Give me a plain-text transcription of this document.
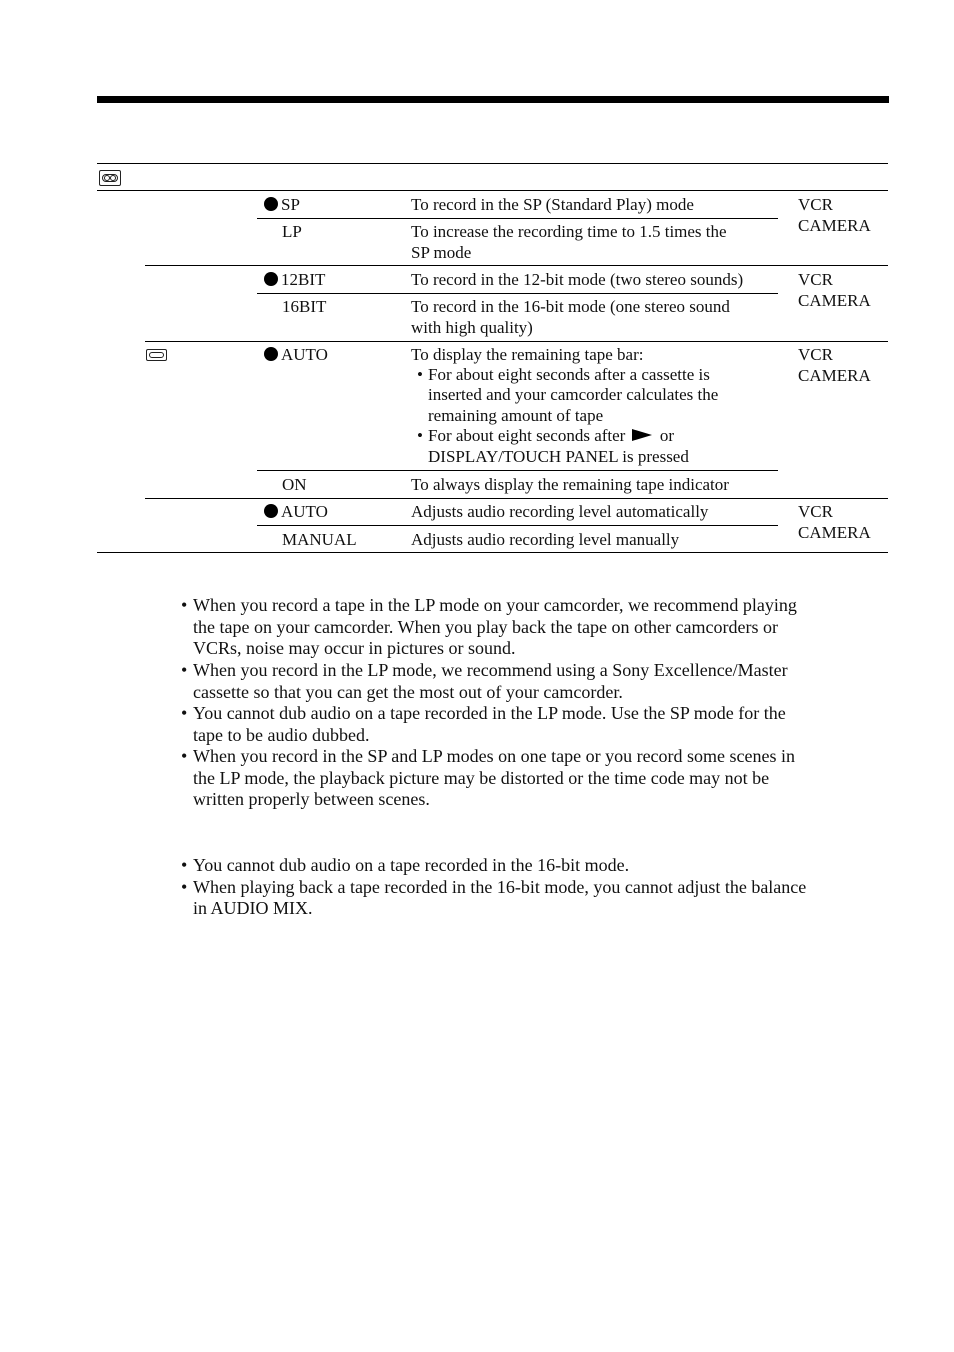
SP	To record in the SP (Standard Play) mode	VCR
CAMERA
LP	To increase the recording time to 1.5 times the
SP mode
12BIT	To record in the 12-bit mode (two stereo sounds)	VCR
CAMERA
16BIT	To record in the 16-bit mode (one stereo sound
with high quality)
AUTO	To display the remaining tape bar:
• For about eight seconds after a cassette is
inserted and your camcorder calculates the
remaining amount of tape
• For about eight seconds after or
DISPLAY/TOUCH PANEL is pressed
VCR
CAMERA
ON	To always display the remaining tape indicator
AUTO	Adjusts audio recording level automatically	VCR
CAMERA
MANUAL	Adjusts audio recording level manually
• When you record a tape in the LP mode on your camcorder, we recommend playing
the tape on your camcorder. When you play back the tape on other camcorders or
VCRs, noise may occur in pictures or sound.
• When you record in the LP mode, we recommend using a Sony Excellence/Master
cassette so that you can get the most out of your camcorder.
• You cannot dub audio on a tape recorded in the LP mode. Use the SP mode for the
tape to be audio dubbed.
• When you record in the SP and LP modes on one tape or you record some scenes in
the LP mode, the playback picture may be distorted or the time code may not be
written properly between scenes.
• You cannot dub audio on a tape recorded in the 16-bit mode.
• When playing back a tape recorded in the 16-bit mode, you cannot adjust the balance
in AUDIO MIX.
